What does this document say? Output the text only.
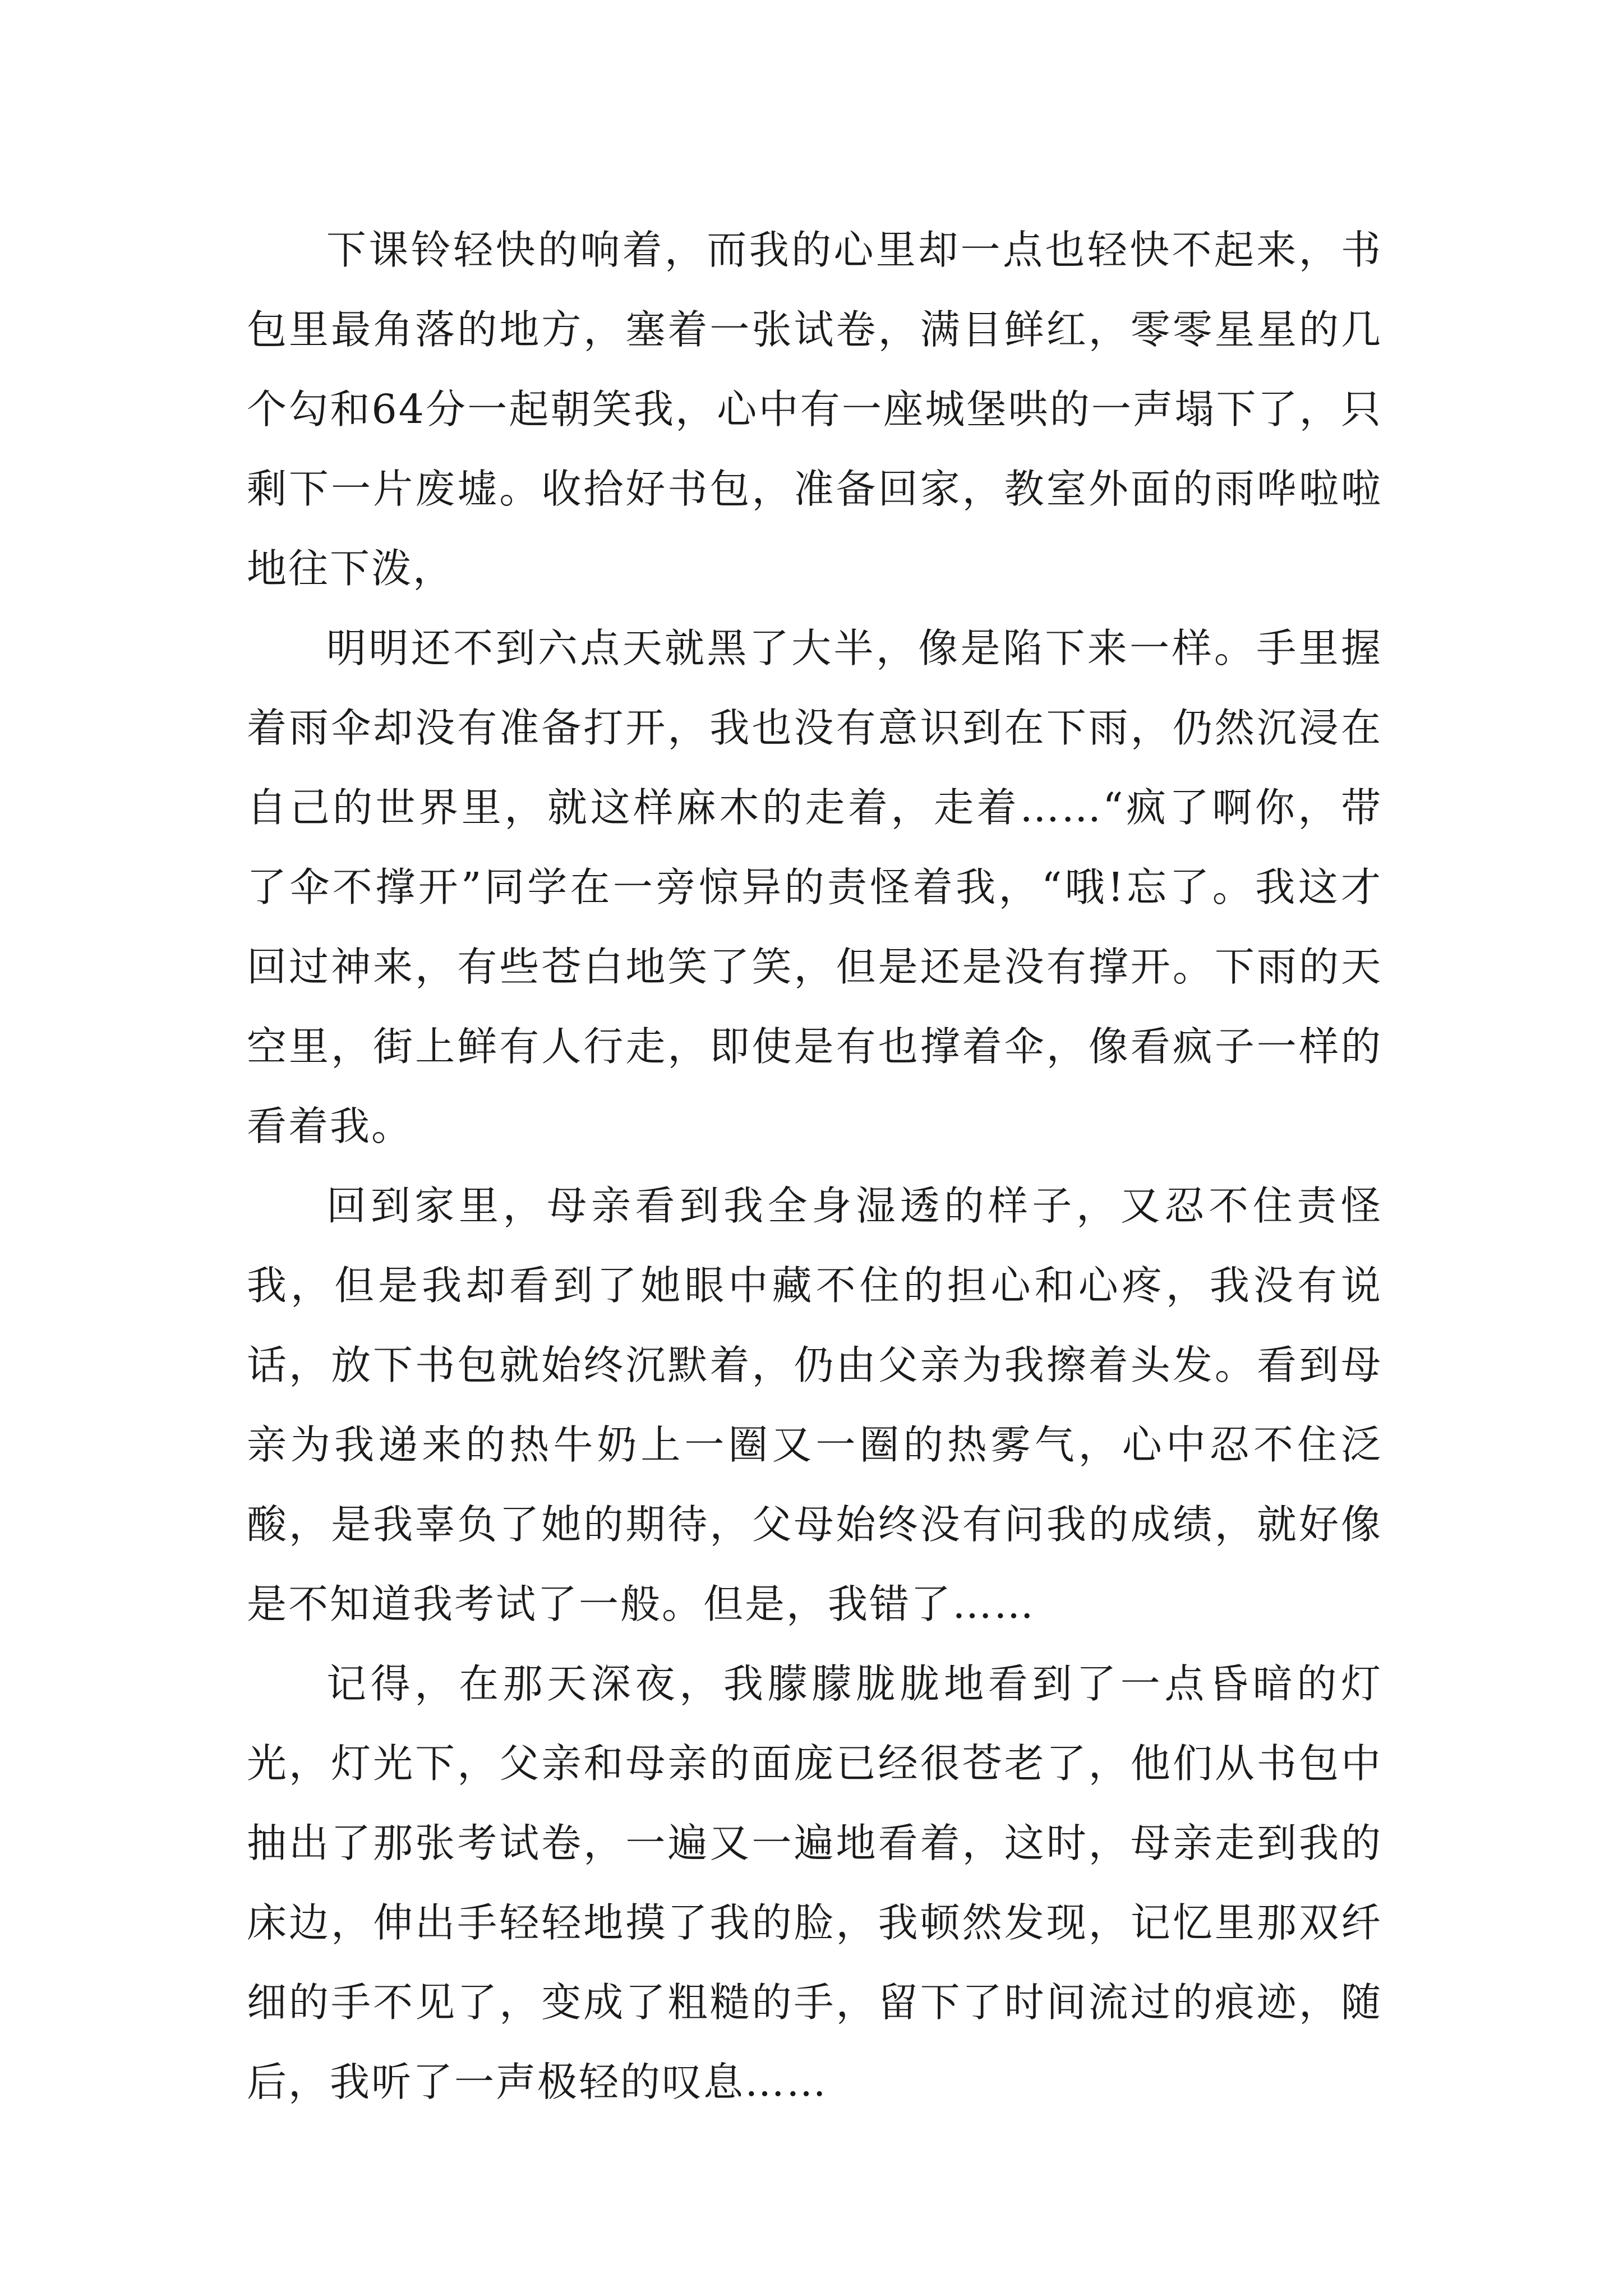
下课铃轻快的响着，而我的心里却一点也轻快不起来，书包里最角落的地方，塞着一张试卷，满目鲜红，零零星星的几个勾和64分一起朝笑我，心中有一座城堡哄的一声塌下了，只剩下一片废墟。收拾好书包，准备回家，教室外面的雨哗啦啦地往下泼，

明明还不到六点天就黑了大半，像是陷下来一样。手里握着雨伞却没有准备打开，我也没有意识到在下雨，仍然沉浸在自己的世界里，就这样麻木的走着，走着……“疯了啊你，带了伞不撑开”同学在一旁惊异的责怪着我，“哦!忘了。我这才回过神来，有些苍白地笑了笑，但是还是没有撑开。下雨的天空里，街上鲜有人行走，即使是有也撑着伞，像看疯子一样的看着我。

回到家里，母亲看到我全身湿透的样子，又忍不住责怪我，但是我却看到了她眼中藏不住的担心和心疼，我没有说话，放下书包就始终沉默着，仍由父亲为我擦着头发。看到母亲为我递来的热牛奶上一圈又一圈的热雾气，心中忍不住泛酸，是我辜负了她的期待，父母始终没有问我的成绩，就好像是不知道我考试了一般。但是，我错了……

记得，在那天深夜，我朦朦胧胧地看到了一点昏暗的灯光，灯光下，父亲和母亲的面庞已经很苍老了，他们从书包中抽出了那张考试卷，一遍又一遍地看着，这时，母亲走到我的床边，伸出手轻轻地摸了我的脸，我顿然发现，记忆里那双纤细的手不见了，变成了粗糙的手，留下了时间流过的痕迹，随后，我听了一声极轻的叹息……
